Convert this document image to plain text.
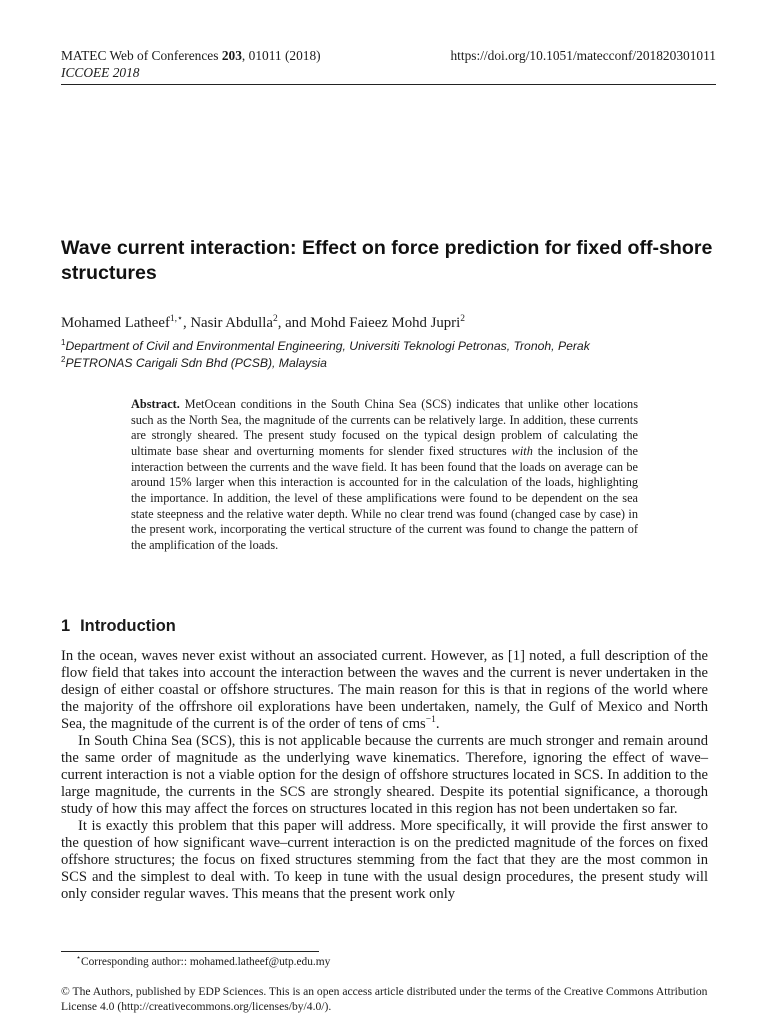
MATEC Web of Conferences 203, 01011 (2018)
ICCOEE 2018
https://doi.org/10.1051/matecconf/201820301011
Wave current interaction: Effect on force prediction for fixed off-shore structures
Mohamed Latheef$^{1,⋆}$, Nasir Abdulla$^2$, and Mohd Faieez Mohd Jupri$^2$
$^1$Department of Civil and Environmental Engineering, Universiti Teknologi Petronas, Tronoh, Perak
$^2$PETRONAS Carigali Sdn Bhd (PCSB), Malaysia
Abstract. MetOcean conditions in the South China Sea (SCS) indicates that unlike other locations such as the North Sea, the magnitude of the currents can be relatively large. In addition, these currents are strongly sheared. The present study focused on the typical design problem of calculating the ultimate base shear and overturning moments for slender fixed structures with the inclusion of the interaction between the currents and the wave field. It has been found that the loads on average can be around 15% larger when this interaction is accounted for in the calculation of the loads, highlighting the importance. In addition, the level of these amplifications were found to be dependent on the sea state steepness and the relative water depth. While no clear trend was found (changed case by case) in the present work, incorporating the vertical structure of the current was found to change the pattern of the amplification of the loads.
1 Introduction

In the ocean, waves never exist without an associated current. However, as [1] noted, a full description of the flow field that takes into account the interaction between the waves and the current is never undertaken in the design of either coastal or offshore structures. The main reason for this is that in regions of the world where the majority of the offrshore oil explorations have been undertaken, namely, the Gulf of Mexico and North Sea, the magnitude of the current is of the order of tens of cms$^{-1}$.

In South China Sea (SCS), this is not applicable because the currents are much stronger and remain around the same order of magnitude as the underlying wave kinematics. Therefore, ignoring the effect of wave–current interaction is not a viable option for the design of offshore structures located in SCS. In addition to the large magnitude, the currents in the SCS are strongly sheared. Despite its potential significance, a thorough study of how this may affect the forces on structures located in this region has not been undertaken so far.

It is exactly this problem that this paper will address. More specifically, it will provide the first answer to the question of how significant wave–current interaction is on the predicted magnitude of the forces on fixed offshore structures; the focus on fixed structures stemming from the fact that they are the most common in SCS and the simplest to deal with. To keep in tune with the usual design procedures, the present study will only consider regular waves. This means that the present work only

⋆Corresponding author:: mohamed.latheef@utp.edu.my
© The Authors, published by EDP Sciences. This is an open access article distributed under the terms of the Creative Commons Attribution License 4.0 (http://creativecommons.org/licenses/by/4.0/).
